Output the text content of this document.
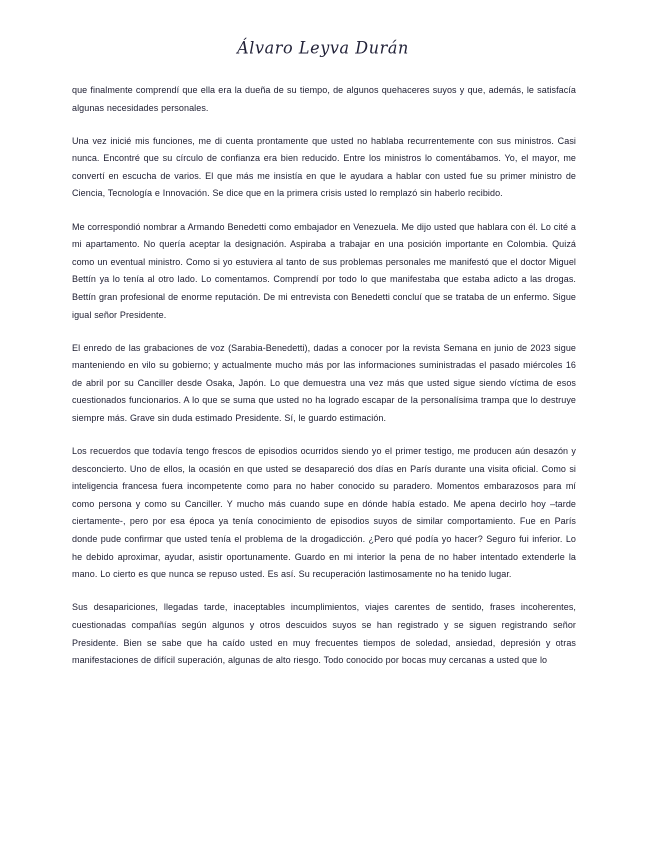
Álvaro Leyva Durán

que finalmente comprendí que ella era la dueña de su tiempo, de algunos quehaceres suyos y que, además, le satisfacía algunas necesidades personales.

Una vez inicié mis funciones, me di cuenta prontamente que usted no hablaba recurrentemente con sus ministros. Casi nunca. Encontré que su círculo de confianza era bien reducido. Entre los ministros lo comentábamos. Yo, el mayor, me convertí en escucha de varios. El que más me insistía en que le ayudara a hablar con usted fue su primer ministro de Ciencia, Tecnología e Innovación. Se dice que en la primera crisis usted lo remplazó sin haberlo recibido.

Me correspondió nombrar a Armando Benedetti como embajador en Venezuela. Me dijo usted que hablara con él. Lo cité a mi apartamento. No quería aceptar la designación. Aspiraba a trabajar en una posición importante en Colombia. Quizá como un eventual ministro. Como si yo estuviera al tanto de sus problemas personales me manifestó que el doctor Miguel Bettín ya lo tenía al otro lado. Lo comentamos. Comprendí por todo lo que manifestaba que estaba adicto a las drogas. Bettín gran profesional de enorme reputación. De mi entrevista con Benedetti concluí que se trataba de un enfermo. Sigue igual señor Presidente.

El enredo de las grabaciones de voz (Sarabia-Benedetti), dadas a conocer por la revista Semana en junio de 2023 sigue manteniendo en vilo su gobierno; y actualmente mucho más por las informaciones suministradas el pasado miércoles 16 de abril por su Canciller desde Osaka, Japón. Lo que demuestra una vez más que usted sigue siendo víctima de esos cuestionados funcionarios. A lo que se suma que usted no ha logrado escapar de la personalísima trampa que lo destruye siempre más. Grave sin duda estimado Presidente. Sí, le guardo estimación.

Los recuerdos que todavía tengo frescos de episodios ocurridos siendo yo el primer testigo, me producen aún desazón y desconcierto. Uno de ellos, la ocasión en que usted se desapareció dos días en París durante una visita oficial. Como si inteligencia francesa fuera incompetente como para no haber conocido su paradero. Momentos embarazosos para mí como persona y como su Canciller. Y mucho más cuando supe en dónde había estado. Me apena decirlo hoy –tarde ciertamente-, pero por esa época ya tenía conocimiento de episodios suyos de similar comportamiento. Fue en París donde pude confirmar que usted tenía el problema de la drogadicción. ¿Pero qué podía yo hacer? Seguro fui inferior. Lo he debido aproximar, ayudar, asistir oportunamente. Guardo en mi interior la pena de no haber intentado extenderle la mano. Lo cierto es que nunca se repuso usted. Es así. Su recuperación lastimosamente no ha tenido lugar.

Sus desapariciones, llegadas tarde, inaceptables incumplimientos, viajes carentes de sentido, frases incoherentes, cuestionadas compañías según algunos y otros descuidos suyos se han registrado y se siguen registrando señor Presidente. Bien se sabe que ha caído usted en muy frecuentes tiempos de soledad, ansiedad, depresión y otras manifestaciones de difícil superación, algunas de alto riesgo. Todo conocido por bocas muy cercanas a usted que lo
